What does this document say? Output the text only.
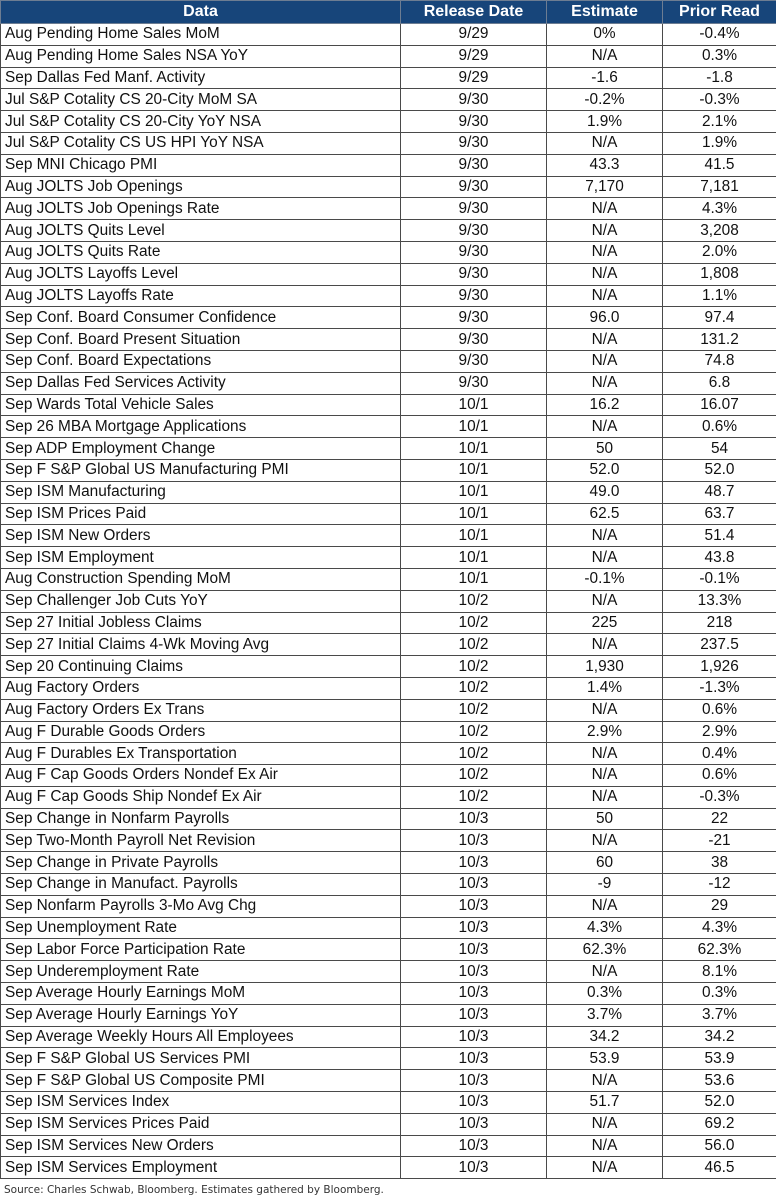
Data	Release Date	Estimate	Prior Read
Aug Pending Home Sales MoM	9/29	0%	-0.4%
Aug Pending Home Sales NSA YoY	9/29	N/A	0.3%
Sep Dallas Fed Manf. Activity	9/29	-1.6	-1.8
Jul S&P Cotality CS 20-City MoM SA	9/30	-0.2%	-0.3%
Jul S&P Cotality CS 20-City YoY NSA	9/30	1.9%	2.1%
Jul S&P Cotality CS US HPI YoY NSA	9/30	N/A	1.9%
Sep MNI Chicago PMI	9/30	43.3	41.5
Aug JOLTS Job Openings	9/30	7,170	7,181
Aug JOLTS Job Openings Rate	9/30	N/A	4.3%
Aug JOLTS Quits Level	9/30	N/A	3,208
Aug JOLTS Quits Rate	9/30	N/A	2.0%
Aug JOLTS Layoffs Level	9/30	N/A	1,808
Aug JOLTS Layoffs Rate	9/30	N/A	1.1%
Sep Conf. Board Consumer Confidence	9/30	96.0	97.4
Sep Conf. Board Present Situation	9/30	N/A	131.2
Sep Conf. Board Expectations	9/30	N/A	74.8
Sep Dallas Fed Services Activity	9/30	N/A	6.8
Sep Wards Total Vehicle Sales	10/1	16.2	16.07
Sep 26 MBA Mortgage Applications	10/1	N/A	0.6%
Sep ADP Employment Change	10/1	50	54
Sep F S&P Global US Manufacturing PMI	10/1	52.0	52.0
Sep ISM Manufacturing	10/1	49.0	48.7
Sep ISM Prices Paid	10/1	62.5	63.7
Sep ISM New Orders	10/1	N/A	51.4
Sep ISM Employment	10/1	N/A	43.8
Aug Construction Spending MoM	10/1	-0.1%	-0.1%
Sep Challenger Job Cuts YoY	10/2	N/A	13.3%
Sep 27 Initial Jobless Claims	10/2	225	218
Sep 27 Initial Claims 4-Wk Moving Avg	10/2	N/A	237.5
Sep 20 Continuing Claims	10/2	1,930	1,926
Aug Factory Orders	10/2	1.4%	-1.3%
Aug Factory Orders Ex Trans	10/2	N/A	0.6%
Aug F Durable Goods Orders	10/2	2.9%	2.9%
Aug F Durables Ex Transportation	10/2	N/A	0.4%
Aug F Cap Goods Orders Nondef Ex Air	10/2	N/A	0.6%
Aug F Cap Goods Ship Nondef Ex Air	10/2	N/A	-0.3%
Sep Change in Nonfarm Payrolls	10/3	50	22
Sep Two-Month Payroll Net Revision	10/3	N/A	-21
Sep Change in Private Payrolls	10/3	60	38
Sep Change in Manufact. Payrolls	10/3	-9	-12
Sep Nonfarm Payrolls 3-Mo Avg Chg	10/3	N/A	29
Sep Unemployment Rate	10/3	4.3%	4.3%
Sep Labor Force Participation Rate	10/3	62.3%	62.3%
Sep Underemployment Rate	10/3	N/A	8.1%
Sep Average Hourly Earnings MoM	10/3	0.3%	0.3%
Sep Average Hourly Earnings YoY	10/3	3.7%	3.7%
Sep Average Weekly Hours All Employees	10/3	34.2	34.2
Sep F S&P Global US Services PMI	10/3	53.9	53.9
Sep F S&P Global US Composite PMI	10/3	N/A	53.6
Sep ISM Services Index	10/3	51.7	52.0
Sep ISM Services Prices Paid	10/3	N/A	69.2
Sep ISM Services New Orders	10/3	N/A	56.0
Sep ISM Services Employment	10/3	N/A	46.5
Source: Charles Schwab, Bloomberg. Estimates gathered by Bloomberg.
